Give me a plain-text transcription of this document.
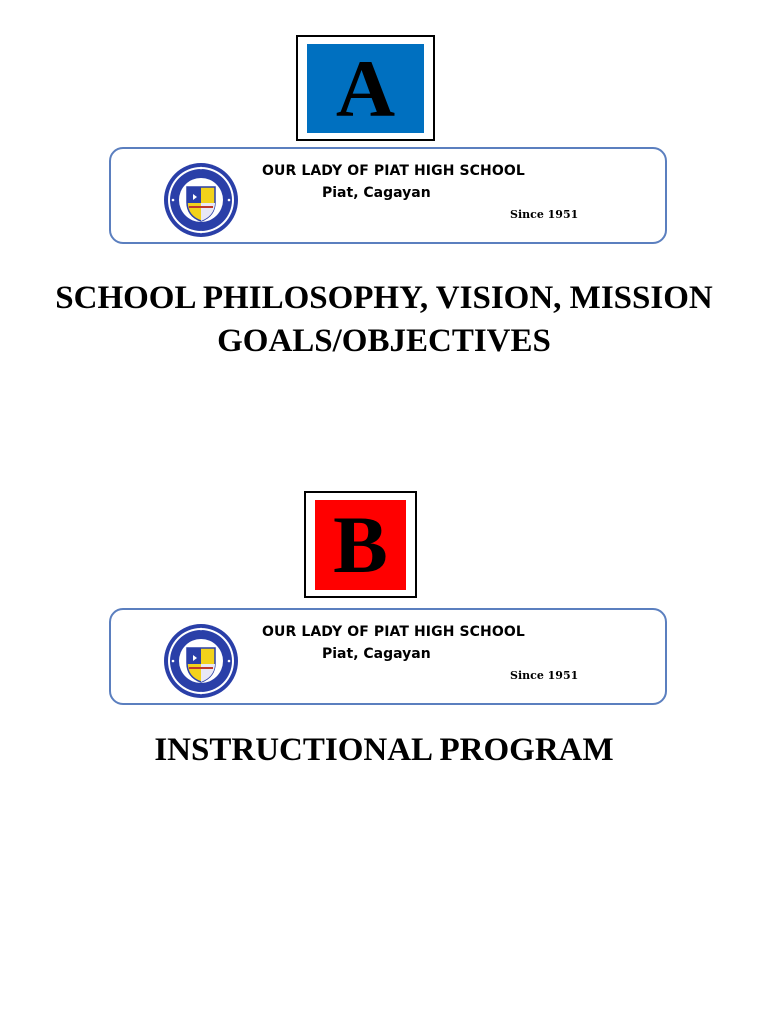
A
OUR LADY OF PIAT HIGH SCHOOL
Piat, Cagayan
Since 1951
SCHOOL PHILOSOPHY, VISION, MISSION
GOALS/OBJECTIVES
B
OUR LADY OF PIAT HIGH SCHOOL
Piat, Cagayan
Since 1951
INSTRUCTIONAL PROGRAM
